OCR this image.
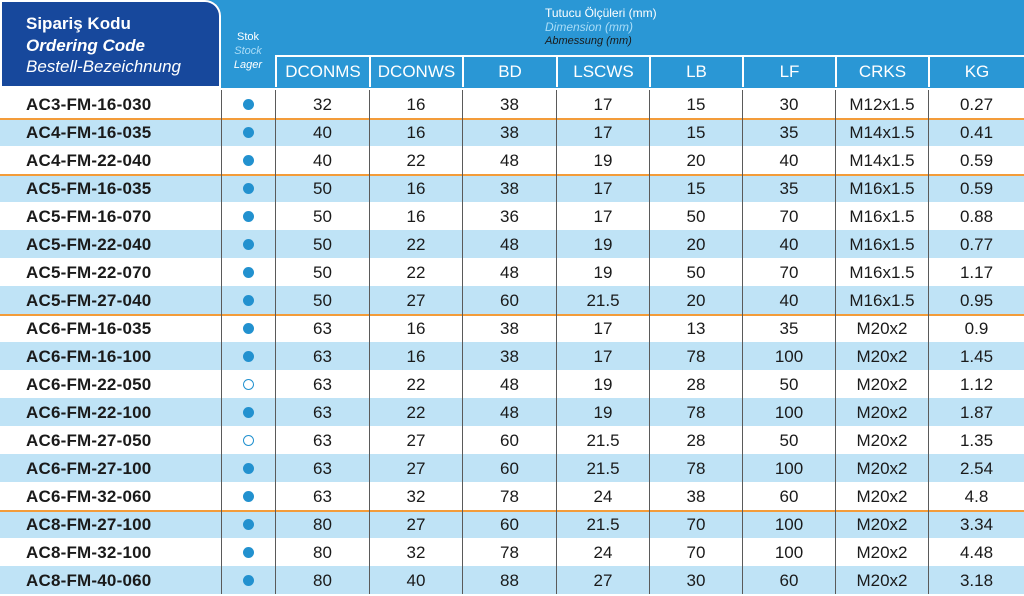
Sipariş Kodu
Ordering Code
Bestell-Bezeichnung
Stok
Stock
Lager
Tutucu Ölçüleri (mm)
Dimension (mm)
Abmessung (mm)
DCONMS DCONWS	BD	LSCWS	LB	LF	CRKS	KG
AC3-FM-16-030	32	16	38	17	15	30	M12x1.5	0.27
AC4-FM-16-035	40	16	38	17	15	35	M14x1.5	0.41
AC4-FM-22-040	40	22	48	19	20	40	M14x1.5	0.59
AC5-FM-16-035	50	16	38	17	15	35	M16x1.5	0.59
AC5-FM-16-070	50	16	36	17	50	70	M16x1.5	0.88
AC5-FM-22-040	50	22	48	19	20	40	M16x1.5	0.77
AC5-FM-22-070	50	22	48	19	50	70	M16x1.5	1.17
AC5-FM-27-040	50	27	60	21.5	20	40	M16x1.5	0.95
AC6-FM-16-035	63	16	38	17	13	35	M20x2	0.9
AC6-FM-16-100	63	16	38	17	78	100	M20x2	1.45
AC6-FM-22-050	63	22	48	19	28	50	M20x2	1.12
AC6-FM-22-100	63	22	48	19	78	100	M20x2	1.87
AC6-FM-27-050	63	27	60	21.5	28	50	M20x2	1.35
AC6-FM-27-100	63	27	60	21.5	78	100	M20x2	2.54
AC6-FM-32-060	63	32	78	24	38	60	M20x2	4.8
AC8-FM-27-100	80	27	60	21.5	70	100	M20x2	3.34
AC8-FM-32-100	80	32	78	24	70	100	M20x2	4.48
AC8-FM-40-060	80	40	88	27	30	60	M20x2	3.18
